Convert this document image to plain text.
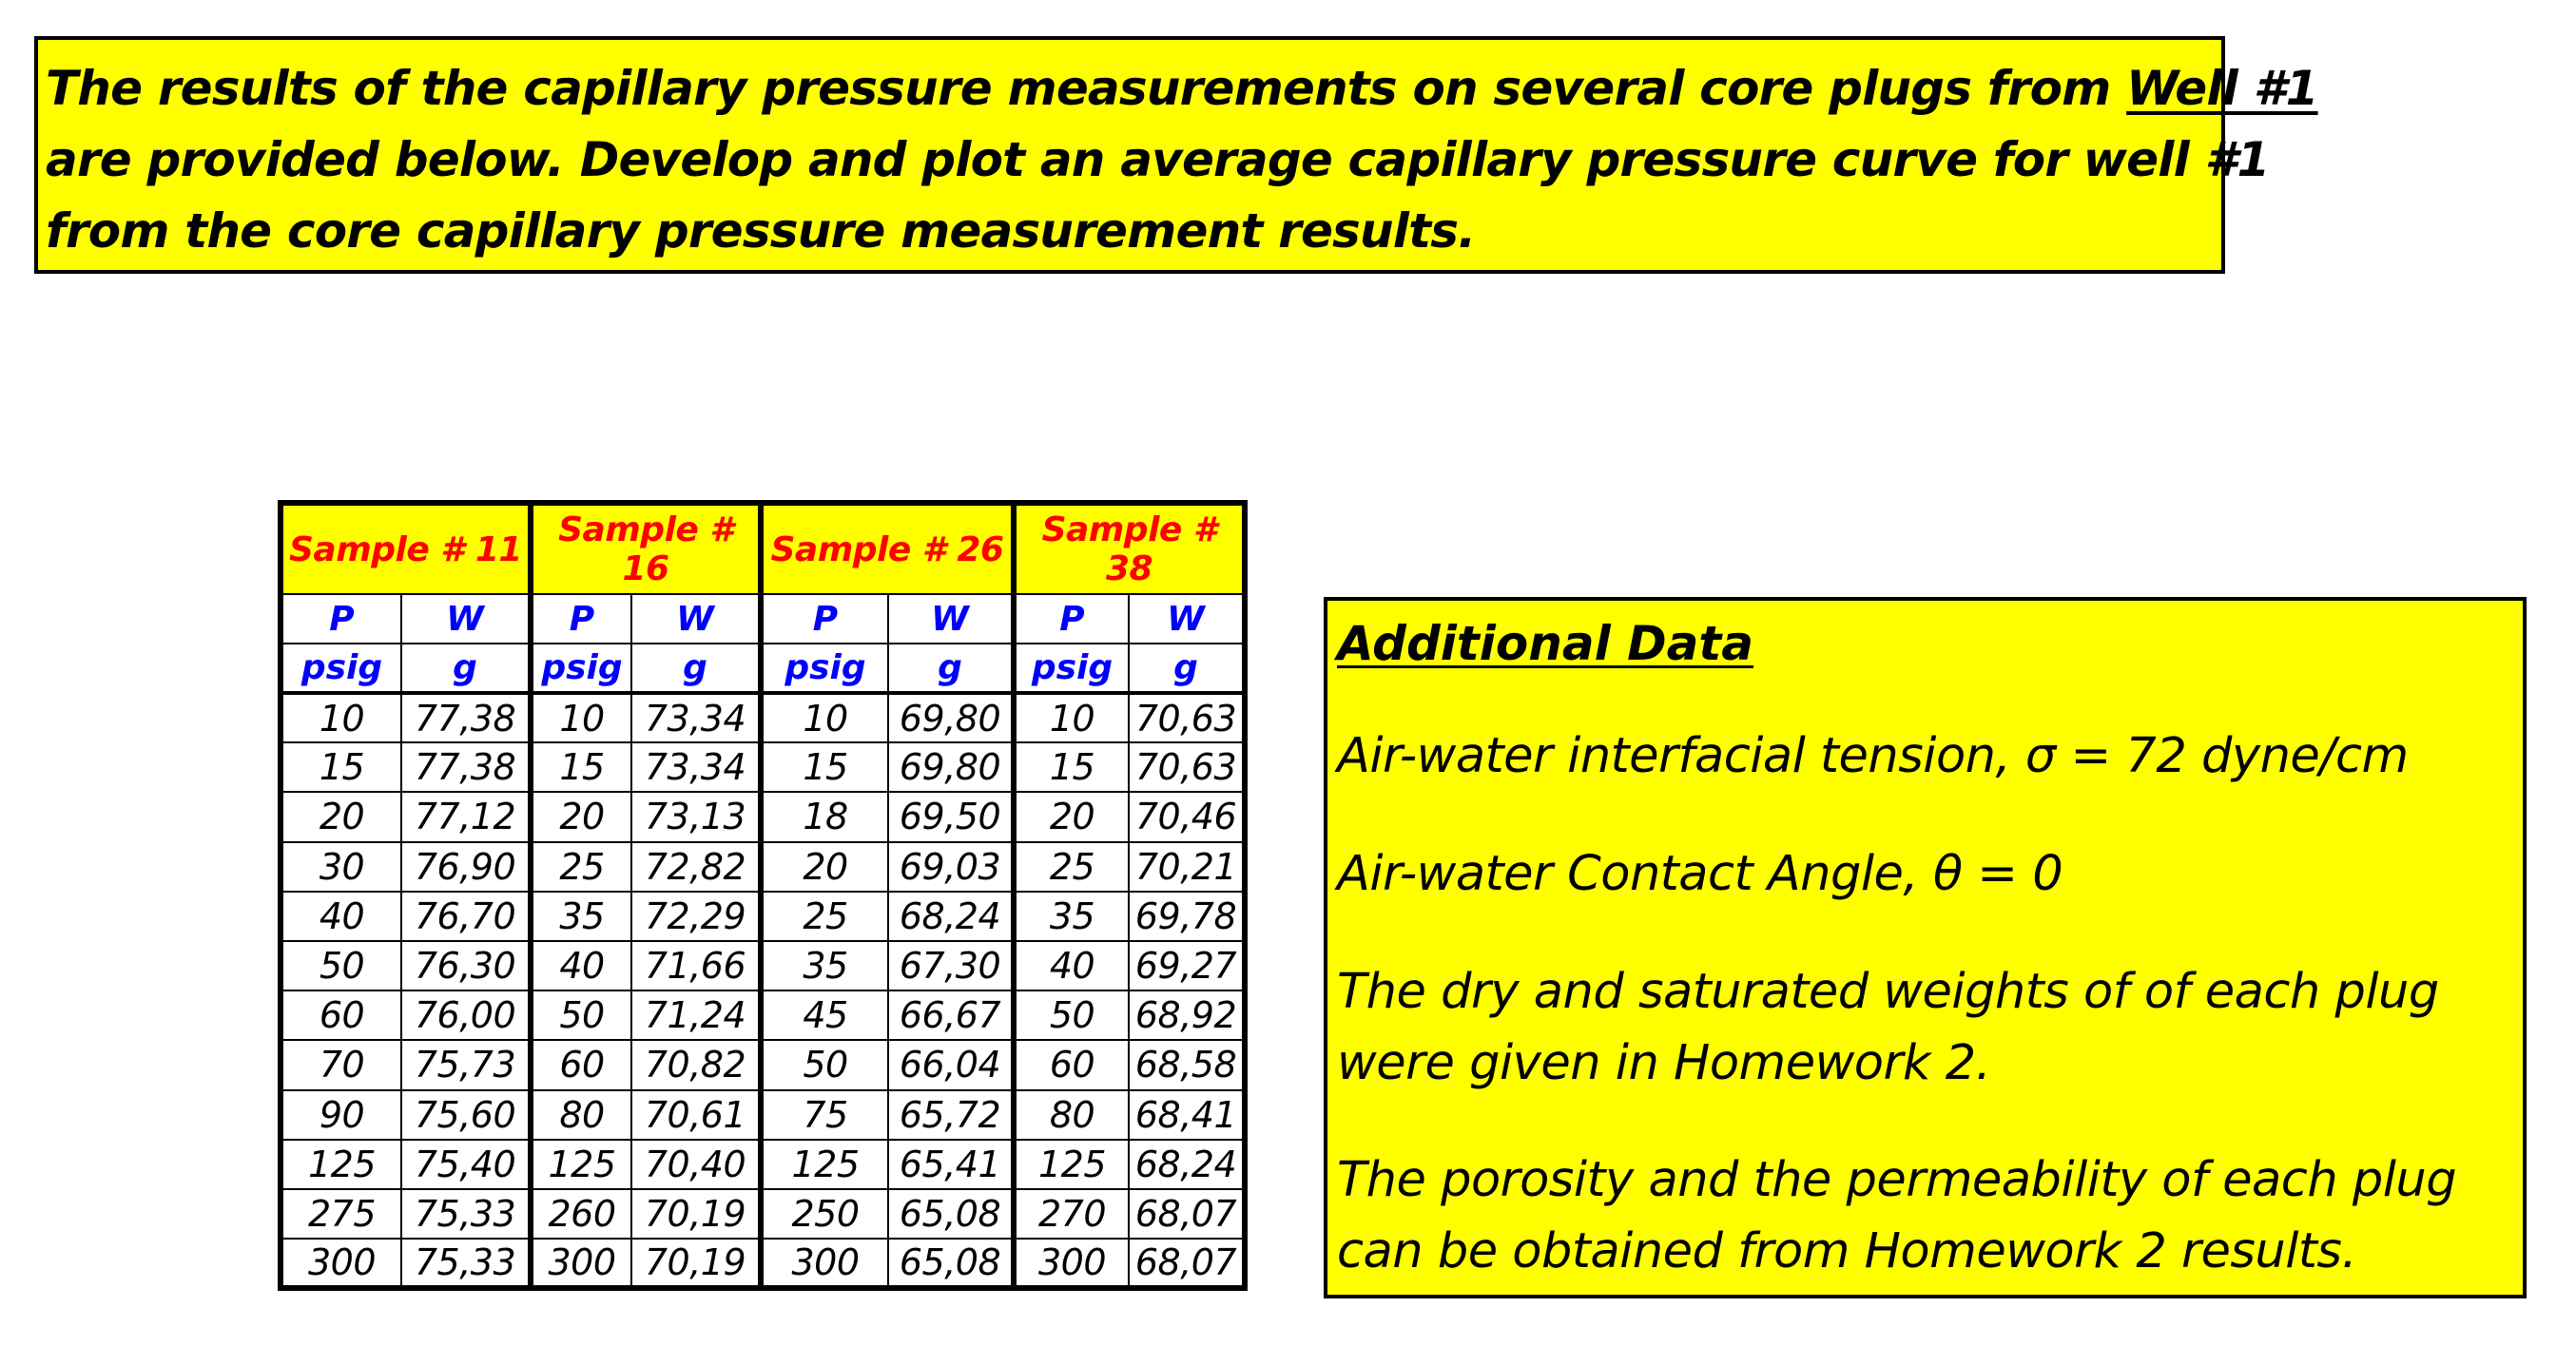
The results of the capillary pressure measurements on several core plugs from Well #1
are provided below. Develop and plot an average capillary pressure curve for well #1
from the core capillary pressure measurement results.
Sample # 11		Sample # 16		Sample # 26		Sample # 38	
P	W	P	W	P	W	P	W
psig	g	psig	g	psig	g	psig	g
10	77,38	10	73,34	10	69,80	10	70,63
15	77,38	15	73,34	15	69,80	15	70,63
20	77,12	20	73,13	18	69,50	20	70,46
30	76,90	25	72,82	20	69,03	25	70,21
40	76,70	35	72,29	25	68,24	35	69,78
50	76,30	40	71,66	35	67,30	40	69,27
60	76,00	50	71,24	45	66,67	50	68,92
70	75,73	60	70,82	50	66,04	60	68,58
90	75,60	80	70,61	75	65,72	80	68,41
125	75,40	125	70,40	125	65,41	125	68,24
275	75,33	260	70,19	250	65,08	270	68,07
300	75,33	300	70,19	300	65,08	300	68,07
Additional Data
Air-water interfacial tension, σ = 72 dyne/cm
Air-water Contact Angle, θ = 0
The dry and saturated weights of of each plug
were given in Homework 2.
The porosity and the permeability of each plug
can be obtained from Homework 2 results.
